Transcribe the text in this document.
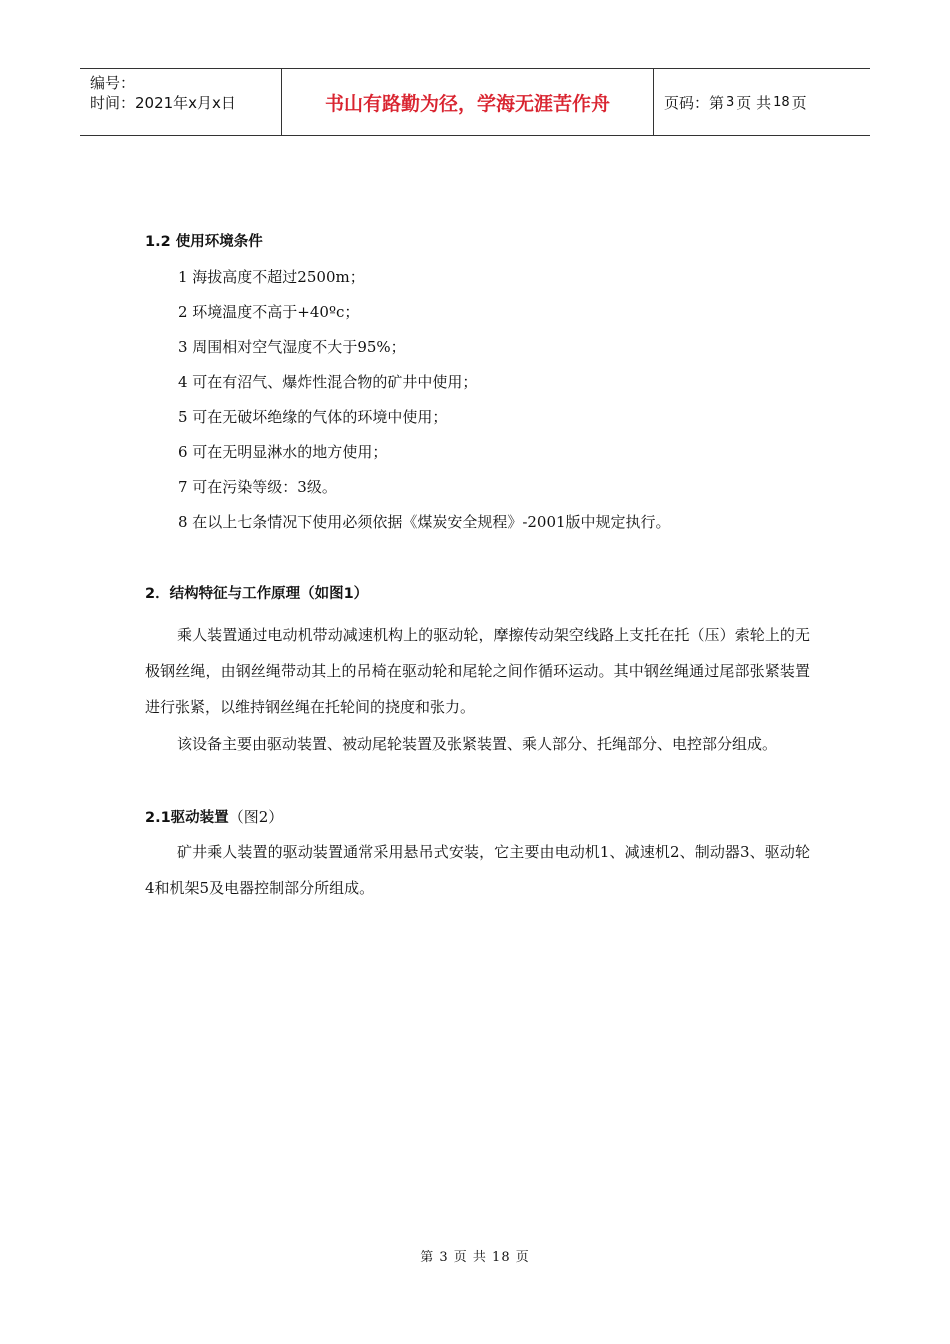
编号：
时间：2021年x月x日	书山有路勤为径，学海无涯苦作舟	页码：第 3 页 共 18 页
1.2 使用环境条件
1 海拔高度不超过2500m；
2 环境温度不高于+40ºc；
3 周围相对空气湿度不大于95%；
4 可在有沼气、爆炸性混合物的矿井中使用；
5 可在无破坏绝缘的气体的环境中使用；
6 可在无明显淋水的地方使用；
7 可在污染等级：3级。
8 在以上七条情况下使用必须依据《煤炭安全规程》-2001版中规定执行。
2．结构特征与工作原理（如图1）
乘人装置通过电动机带动减速机构上的驱动轮，摩擦传动架空线路上支托在托（压）索轮上的无极钢丝绳，由钢丝绳带动其上的吊椅在驱动轮和尾轮之间作循环运动。其中钢丝绳通过尾部张紧装置进行张紧，以维持钢丝绳在托轮间的挠度和张力。
该设备主要由驱动装置、被动尾轮装置及张紧装置、乘人部分、托绳部分、电控部分组成。
2.1驱动装置（图2）
矿井乘人装置的驱动装置通常采用悬吊式安装，它主要由电动机1、减速机2、制动器3、驱动轮4和机架5及电器控制部分所组成。
第 3 页 共 18 页
